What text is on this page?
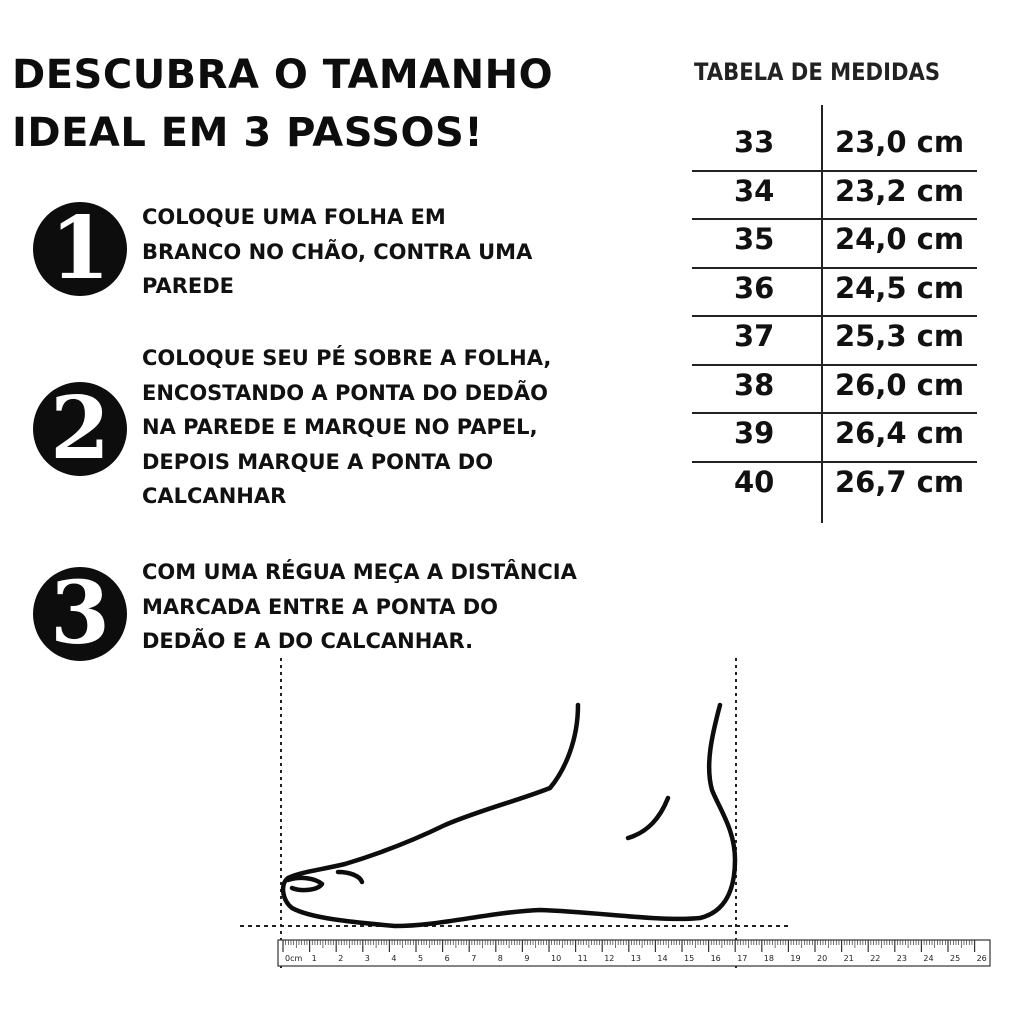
DESCUBRA O TAMANHO
IDEAL EM 3 PASSOS!
1	COLOQUE UMA FOLHA EM
BRANCO NO CHÃO, CONTRA UMA
PAREDE
2
COLOQUE SEU PÉ SOBRE A FOLHA,
ENCOSTANDO A PONTA DO DEDÃO
NA PAREDE E MARQUE NO PAPEL,
DEPOIS MARQUE A PONTA DO
CALCANHAR
3	COM UMA RÉGUA MEÇA A DISTÂNCIA
MARCADA ENTRE A PONTA DO
DEDÃO E A DO CALCANHAR.
TABELA DE MEDIDAS
33 23,0 cm
34 23,2 cm
35 24,0 cm
36 24,5 cm
37 25,3 cm
38 26,0 cm
39 26,4 cm
40 26,7 cm
0cm 1	2	3	4	5	6	7	8	9	10 11 12 13 14 15 16 17 18 19 20 21 22 23 24 25 26
